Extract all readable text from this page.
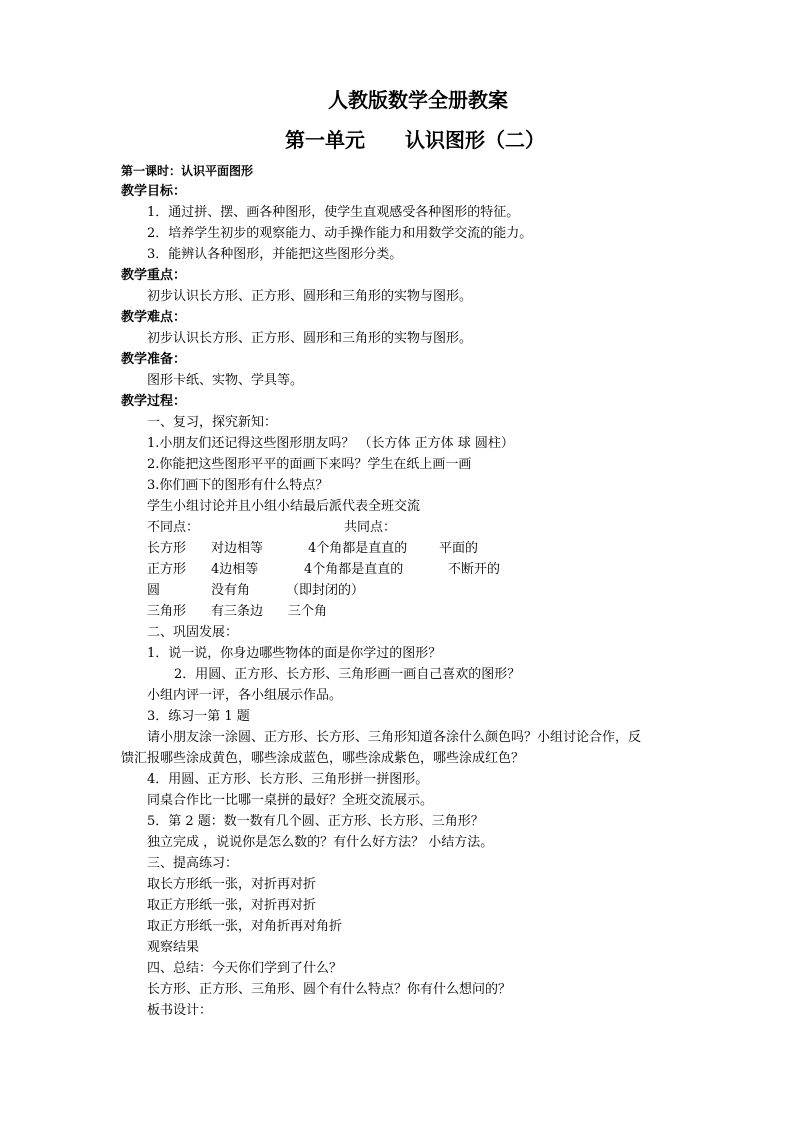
人教版数学全册教案
第一单元　　认识图形（二）
第一课时：认识平面图形
教学目标：
1．通过拼、摆、画各种图形，使学生直观感受各种图形的特征。
2．培养学生初步的观察能力、动手操作能力和用数学交流的能力。
3．能辨认各种图形，并能把这些图形分类。
教学重点：
初步认识长方形、正方形、圆形和三角形的实物与图形。
教学难点：
初步认识长方形、正方形、圆形和三角形的实物与图形。
教学准备：
图形卡纸、实物、学具等。
教学过程：
一、复习，探究新知：
1.小朋友们还记得这些图形朋友吗？ （长方体 正方体 球 圆柱）
2.你能把这些图形平平的面画下来吗？学生在纸上画一画
3.你们画下的图形有什么特点？
学生小组讨论并且小组小结最后派代表全班交流
不同点：	共同点：
长方形 对边相等	4个角都是直直的 平面的
正方形 4边相等	4个角都是直直的	不断开的
圆	没有角	（即封闭的）
三角形 有三条边 三个角
二、巩固发展：
1．说一说，你身边哪些物体的面是你学过的图形？
2．用圆、正方形、长方形、三角形画一画自己喜欢的图形？
小组内评一评，各小组展示作品。
3．练习一第 1 题
请小朋友涂一涂圆、正方形、长方形、三角形知道各涂什么颜色吗？小组讨论合作，反
馈汇报哪些涂成黄色，哪些涂成蓝色，哪些涂成紫色，哪些涂成红色？
4．用圆、正方形、长方形、三角形拼一拼图形。
同桌合作比一比哪一桌拼的最好？全班交流展示。
5．第 2 题：数一数有几个圆、正方形、长方形、三角形？
独立完成 ，说说你是怎么数的？有什么好方法？ 小结方法。
三、提高练习：
取长方形纸一张，对折再对折
取正方形纸一张，对折再对折
取正方形纸一张，对角折再对角折
观察结果
四、总结：今天你们学到了什么？
长方形、正方形、三角形、圆个有什么特点？你有什么想问的？
板书设计：
